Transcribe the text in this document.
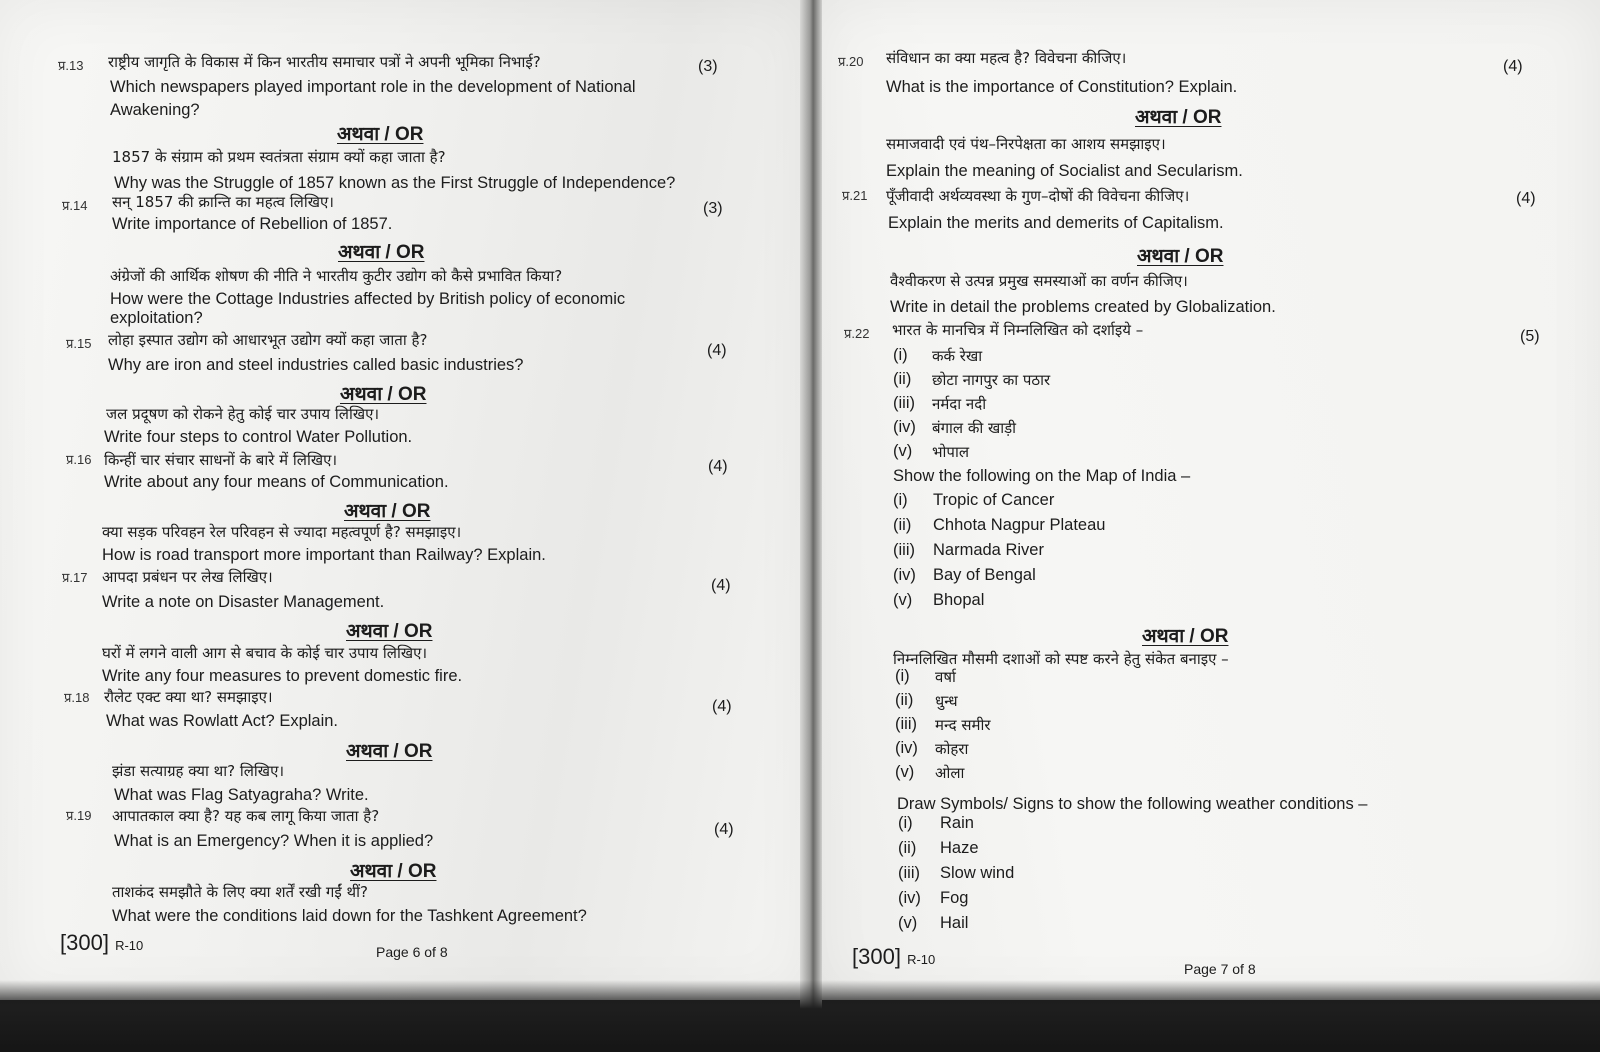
प्र.13 राष्ट्रीय जागृति के विकास में किन भारतीय समाचार पत्रों ने अपनी भूमिका निभाई?	(3)
Which newspapers played important role in the development of National
Awakening?
अथवा / OR
1857 के संग्राम को प्रथम स्वतंत्रता संग्राम क्यों कहा जाता है?
Why was the Struggle of 1857 known as the First Struggle of Independence?
प्र.14 सन् 1857 की क्रान्ति का महत्व लिखिए।	(3)
Write importance of Rebellion of 1857.
अथवा / OR
अंग्रेजों की आर्थिक शोषण की नीति ने भारतीय कुटीर उद्योग को कैसे प्रभावित किया?
How were the Cottage Industries affected by British policy of economic
exploitation?
प्र.15 लोहा इस्पात उद्योग को आधारभूत उद्योग क्यों कहा जाता है?
(4)
Why are iron and steel industries called basic industries?
अथवा / OR
जल प्रदूषण को रोकने हेतु कोई चार उपाय लिखिए।
Write four steps to control Water Pollution.
प्र.16 किन्हीं चार संचार साधनों के बारे में लिखिए।	(4)
Write about any four means of Communication.
अथवा / OR
क्या सड़क परिवहन रेल परिवहन से ज्यादा महत्वपूर्ण है? समझाइए।
How is road transport more important than Railway? Explain.
प्र.17 आपदा प्रबंधन पर लेख लिखिए।	(4)
Write a note on Disaster Management.
अथवा / OR
घरों में लगने वाली आग से बचाव के कोई चार उपाय लिखिए।
Write any four measures to prevent domestic fire.
प्र.18 रौलेट एक्ट क्या था? समझाइए।
(4)
What was Rowlatt Act? Explain.
अथवा / OR
झंडा सत्याग्रह क्या था? लिखिए।
What was Flag Satyagraha? Write.
प्र.19 आपातकाल क्या है? यह कब लागू किया जाता है?
(4)
What is an Emergency? When it is applied?
अथवा / OR
ताशकंद समझौते के लिए क्या शर्तें रखी गईं थीं?
What were the conditions laid down for the Tashkent Agreement?
[300] R-10	Page 6 of 8
प्र.20 संविधान का क्या महत्व है? विवेचना कीजिए।	(4)
What is the importance of Constitution? Explain.
अथवा / OR
समाजवादी एवं पंथ–निरपेक्षता का आशय समझाइए।
Explain the meaning of Socialist and Secularism.
प्र.21 पूँजीवादी अर्थव्यवस्था के गुण–दोषों की विवेचना कीजिए।	(4)
Explain the merits and demerits of Capitalism.
अथवा / OR
वैश्वीकरण से उत्पन्न प्रमुख समस्याओं का वर्णन कीजिए।
Write in detail the problems created by Globalization.
प्र.22 भारत के मानचित्र में निम्नलिखित को दर्शाइये –	(5)
(i) कर्क रेखा
(ii) छोटा नागपुर का पठार
(iii) नर्मदा नदी
(iv) बंगाल की खाड़ी
(v) भोपाल
Show the following on the Map of India –
(i) Tropic of Cancer
(ii) Chhota Nagpur Plateau
(iii) Narmada River
(iv) Bay of Bengal
(v) Bhopal
अथवा / OR
निम्नलिखित मौसमी दशाओं को स्पष्ट करने हेतु संकेत बनाइए –
(i) वर्षा
(ii) धुन्ध
(iii) मन्द समीर
(iv) कोहरा
(v) ओला
Draw Symbols/ Signs to show the following weather conditions –
(i) Rain
(ii) Haze
(iii) Slow wind
(iv) Fog
(v) Hail
[300] R-10
Page 7 of 8
